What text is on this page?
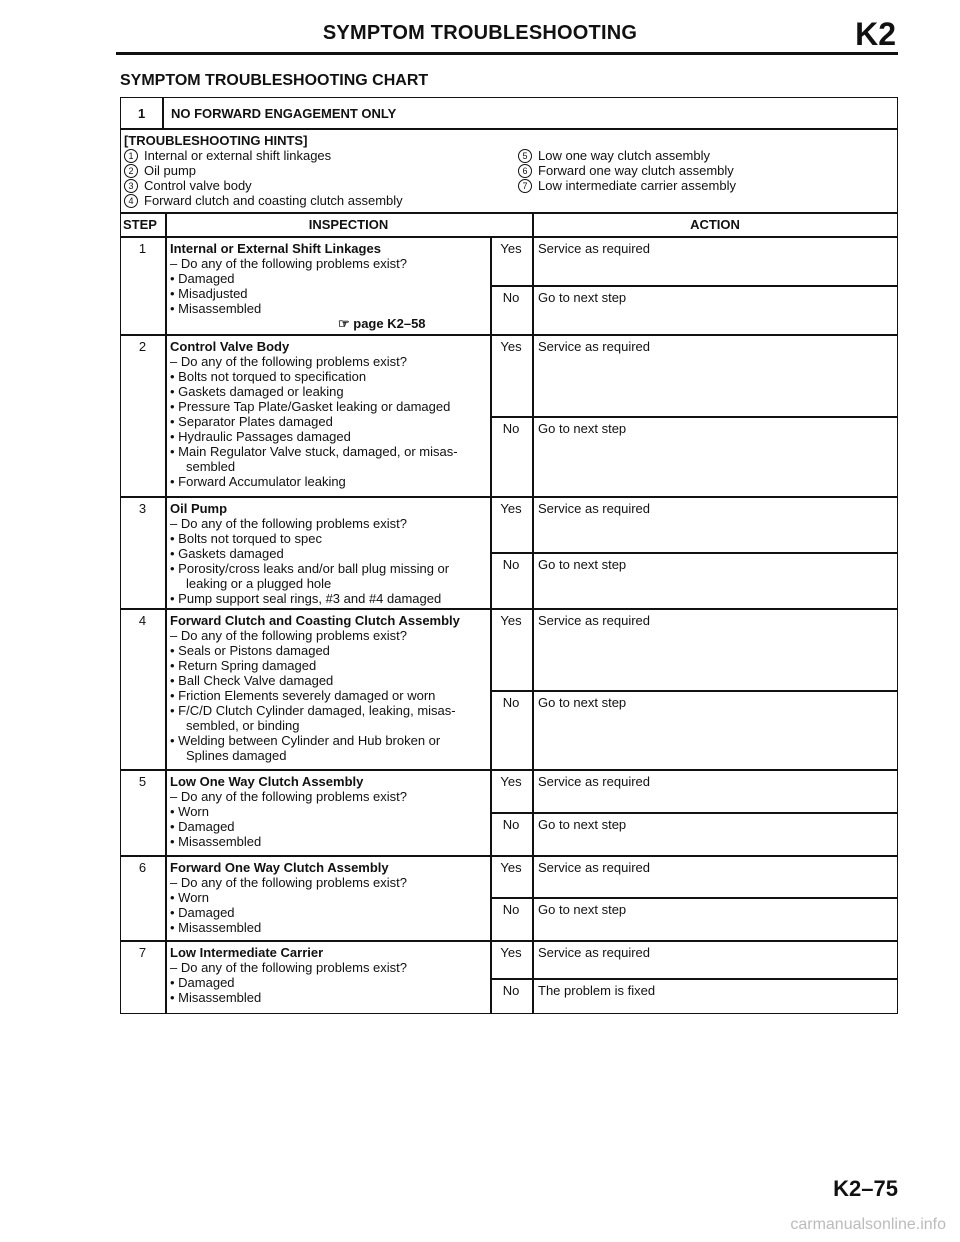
SYMPTOM TROUBLESHOOTING	K2
SYMPTOM TROUBLESHOOTING CHART
K2–75
carmanualsonline.info
1 NO FORWARD ENGAGEMENT ONLY
[TROUBLESHOOTING HINTS]
1 Internal or external shift linkages
2 Oil pump
3 Control valve body
4 Forward clutch and coasting clutch assembly
5 Low one way clutch assembly
6 Forward one way clutch assembly
7 Low intermediate carrier assembly
STEP	INSPECTION	ACTION
1	Internal or External Shift Linkages
– Do any of the following problems exist?
• Damaged
• Misadjusted
• Misassembled
☞ page K2–58
Yes	Service as required
No	Go to next step
2	Control Valve Body
– Do any of the following problems exist?
• Bolts not torqued to specification
• Gaskets damaged or leaking
• Pressure Tap Plate/Gasket leaking or damaged
• Separator Plates damaged
• Hydraulic Passages damaged
• Main Regulator Valve stuck, damaged, or misas-
sembled
• Forward Accumulator leaking
Yes	Service as required
No	Go to next step
3	Oil Pump
– Do any of the following problems exist?
• Bolts not torqued to spec
• Gaskets damaged
• Porosity/cross leaks and/or ball plug missing or
leaking or a plugged hole
• Pump support seal rings, #3 and #4 damaged
Yes	Service as required
No	Go to next step
4	Forward Clutch and Coasting Clutch Assembly
– Do any of the following problems exist?
• Seals or Pistons damaged
• Return Spring damaged
• Ball Check Valve damaged
• Friction Elements severely damaged or worn
• F/C/D Clutch Cylinder damaged, leaking, misas-
sembled, or binding
• Welding between Cylinder and Hub broken or
Splines damaged
Yes	Service as required
No	Go to next step
5	Low One Way Clutch Assembly
– Do any of the following problems exist?
• Worn
• Damaged
• Misassembled
Yes	Service as required
No	Go to next step
6	Forward One Way Clutch Assembly
– Do any of the following problems exist?
• Worn
• Damaged
• Misassembled
Yes	Service as required
No	Go to next step
7	Low Intermediate Carrier
– Do any of the following problems exist?
• Damaged
• Misassembled
Yes	Service as required
No	The problem is fixed
